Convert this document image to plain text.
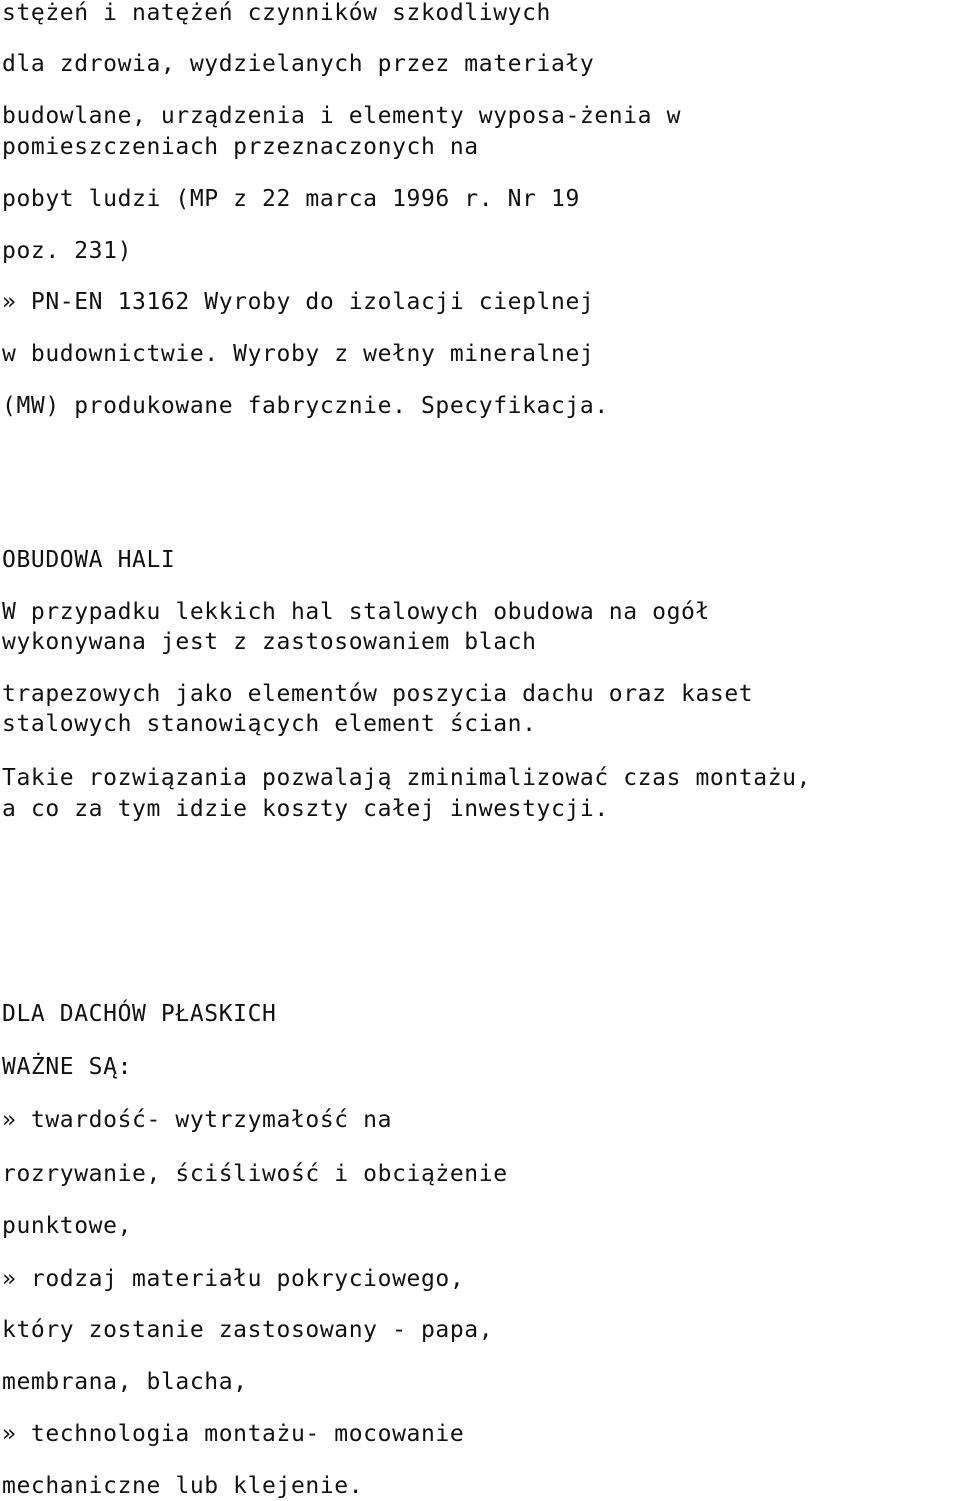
stężeń i natężeń czynników szkodliwych

dla zdrowia, wydzielanych przez materiały

budowlane, urządzenia i elementy wyposa-żenia w

pomieszczeniach przeznaczonych na

pobyt ludzi (MP z 22 marca 1996 r. Nr 19

poz. 231)

» PN-EN 13162 Wyroby do izolacji cieplnej

w budownictwie. Wyroby z wełny mineralnej

(MW) produkowane fabrycznie. Specyfikacja.

OBUDOWA HALI

W przypadku lekkich hal stalowych obudowa na ogół

wykonywana jest z zastosowaniem blach

trapezowych jako elementów poszycia dachu oraz kaset

stalowych stanowiących element ścian.

Takie rozwiązania pozwalają zminimalizować czas montażu,

a co za tym idzie koszty całej inwestycji.

DLA DACHÓW PŁASKICH

WAŻNE SĄ:

» twardość- wytrzymałość na

rozrywanie, ściśliwość i obciążenie

punktowe,

» rodzaj materiału pokryciowego,

który zostanie zastosowany - papa,

membrana, blacha,

» technologia montażu- mocowanie

mechaniczne lub klejenie.
